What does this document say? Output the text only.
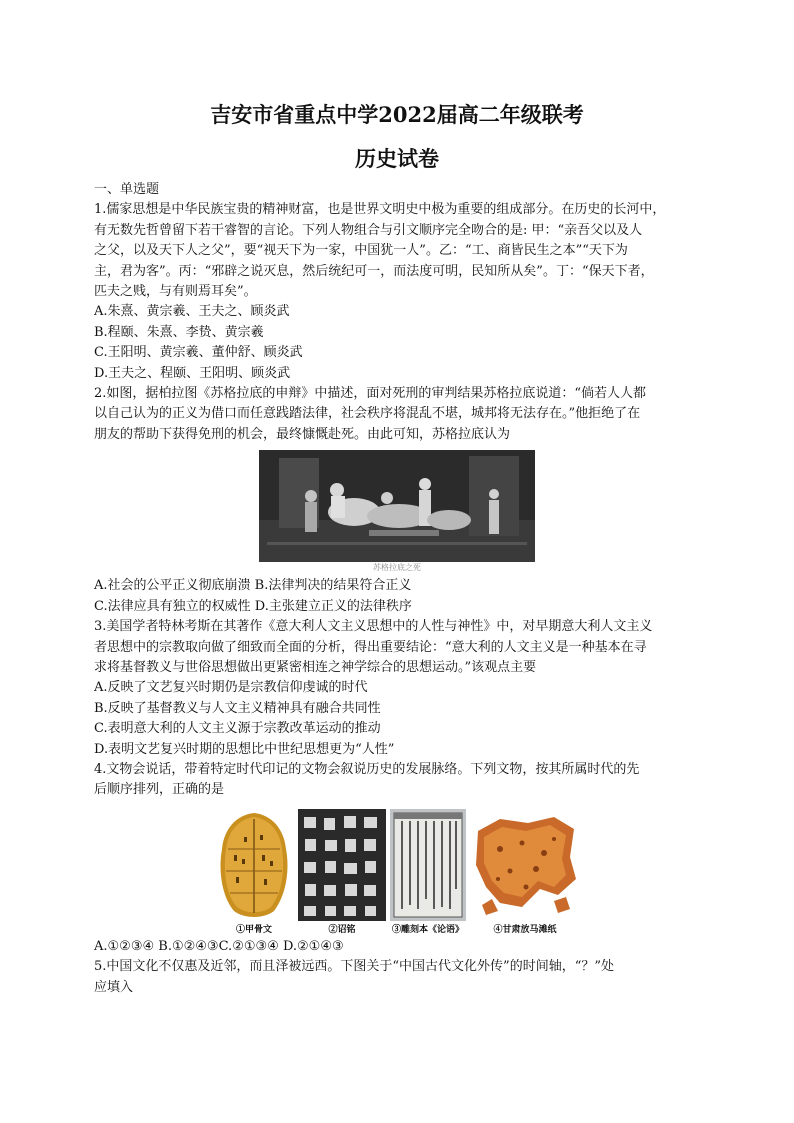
吉安市省重点中学2022届高二年级联考
历史试卷

一、单选题

1.儒家思想是中华民族宝贵的精神财富，也是世界文明史中极为重要的组成部分。在历史的长河中，

有无数先哲曾留下若干睿智的言论。下列人物组合与引文顺序完全吻合的是: 甲：“亲吾父以及人

之父，以及天下人之父”，要“视天下为一家，中国犹一人”。乙：“工、商皆民生之本”“天下为

主，君为客”。丙：“邪辟之说灭息，然后统纪可一，而法度可明，民知所从矣”。丁：“保天下者，

匹夫之贱，与有则焉耳矣”。

A.朱熹、黄宗羲、王夫之、顾炎武

B.程颐、朱熹、李贽、黄宗羲

C.王阳明、黄宗羲、董仲舒、顾炎武

D.王夫之、程颐、王阳明、顾炎武

2.如图，据柏拉图《苏格拉底的申辩》中描述，面对死刑的审判结果苏格拉底说道：“倘若人人都

以自己认为的正义为借口而任意践踏法律，社会秩序将混乱不堪，城邦将无法存在。”他拒绝了在

朋友的帮助下获得免刑的机会，最终慷慨赴死。由此可知，苏格拉底认为

苏格拉底之死

A.社会的公平正义彻底崩溃 B.法律判决的结果符合正义

C.法律应具有独立的权威性 D.主张建立正义的法律秩序

3.美国学者特林考斯在其著作《意大利人文主义思想中的人性与神性》中，对早期意大利人文主义

者思想中的宗教取向做了细致而全面的分析，得出重要结论：“意大利的人文主义是一种基本在寻

求将基督教义与世俗思想做出更紧密相连之神学综合的思想运动。”该观点主要

A.反映了文艺复兴时期仍是宗教信仰虔诚的时代

B.反映了基督教义与人文主义精神具有融合共同性

C.表明意大利的人文主义源于宗教改革运动的推动

D.表明文艺复兴时期的思想比中世纪思想更为“人性”

4.文物会说话，带着特定时代印记的文物会叙说历史的发展脉络。下列文物，按其所属时代的先

后顺序排列，正确的是

①甲骨文	②诏铭	③雕刻本《论语》	④甘肃放马滩纸

A.①②③④ B.①②④③C.②①③④ D.②①④③

5.中国文化不仅惠及近邻，而且泽被远西。下图关于“中国古代文化外传”的时间轴，“？”处

应填入
